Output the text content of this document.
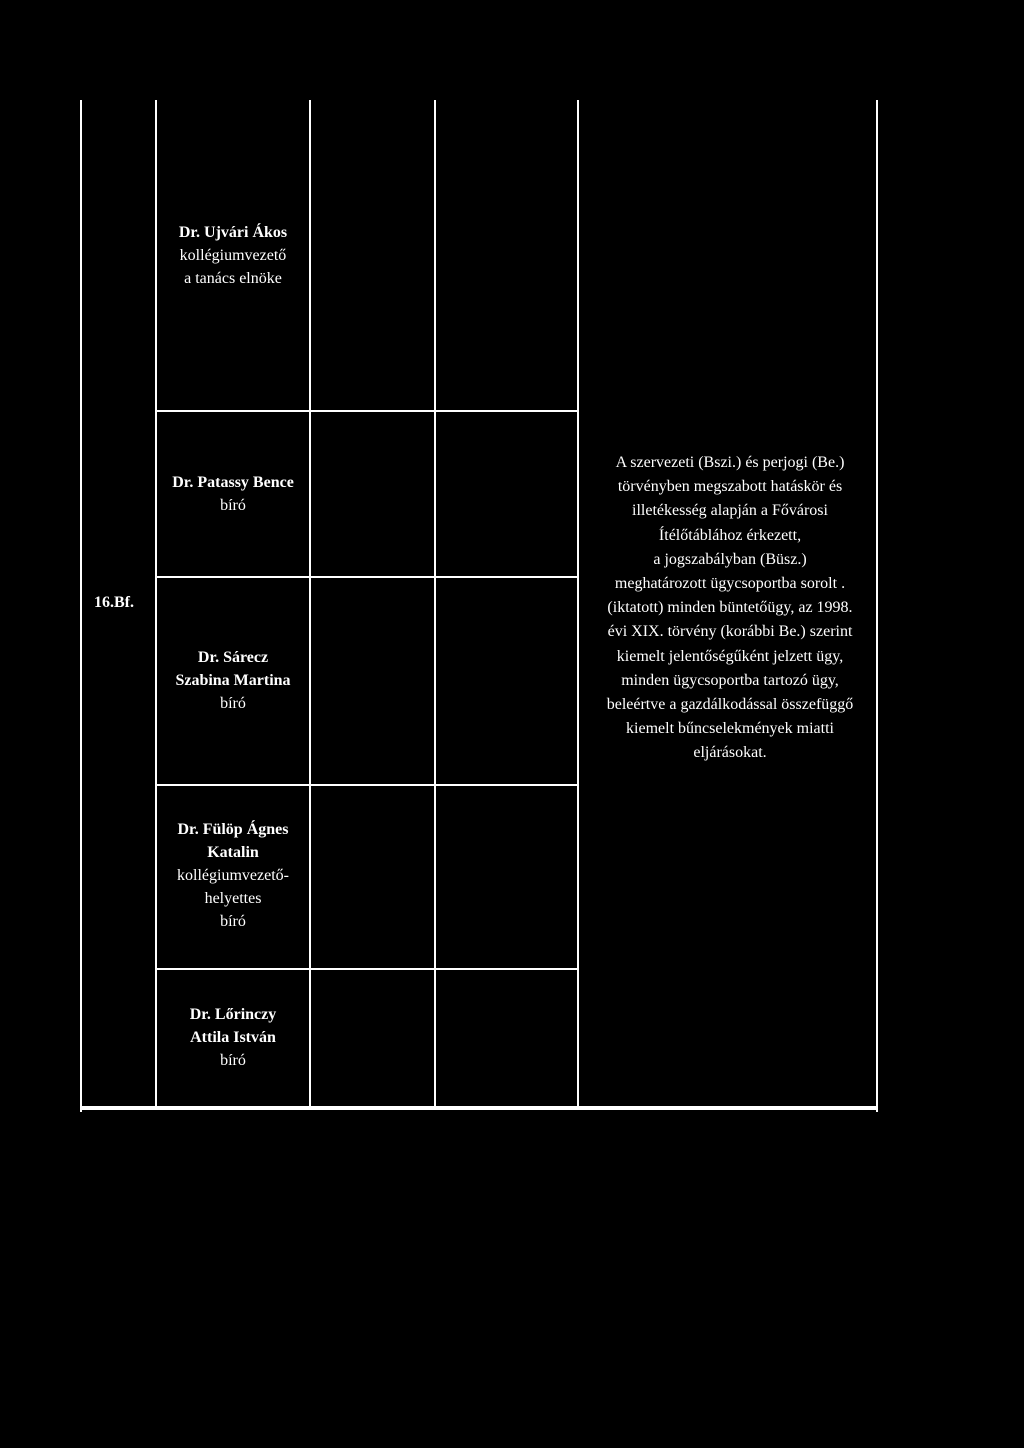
16.Bf.
Dr. Ujvári Ákos
kollégiumvezető
a tanács elnöke
Dr. Patassy Bence
bíró
Dr. Sárecz
Szabina Martina
bíró
Dr. Fülöp Ágnes
Katalin
kollégiumvezető-
helyettes
bíró
Dr. Lőrinczy
Attila István
bíró
A szervezeti (Bszi.) és perjogi (Be.)
törvényben megszabott hatáskör és
illetékesség alapján a Fővárosi
Ítélőtáblához érkezett,
a jogszabályban (Büsz.)
meghatározott ügycsoportba sorolt .
(iktatott) minden büntetőügy, az 1998.
évi XIX. törvény (korábbi Be.) szerint
kiemelt jelentőségűként jelzett ügy,
minden ügycsoportba tartozó ügy,
beleértve a gazdálkodással összefüggő
kiemelt bűncselekmények miatti
eljárásokat.
